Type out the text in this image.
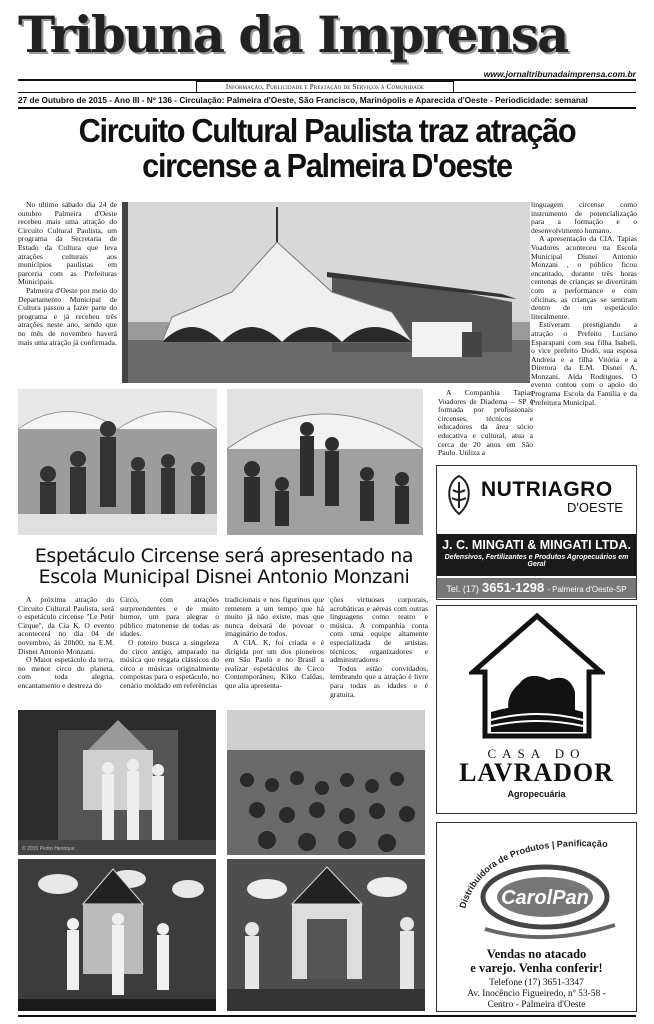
Tribuna da Imprensa
www.jornaltribunadaimprensa.com.br
Informação, Publicidade e Prestação de Serviços à Comunidade
27 de Outubro de 2015 - Ano III - Nº 136 - Circulação: Palmeira d'Oeste, São Francisco, Marinópolis e Aparecida d'Oeste - Periodicidade: semanal
Circuito Cultural Paulista traz atração
circense a Palmeira D'oeste

No ultimo sábado dia 24 de outubro Palmeira d'Oeste recebeu mais uma atração do Circuito Cultural Paulista, um programa da Secretaria de Estado da Cultura que leva atrações culturais aos municípios paulistas em parceria com as Prefeituras Municipais.

Palmeira d'Oeste por meio do Departamento Municipal de Cultura passou a fazer parte do programa e já recebeu três atrações neste ano, sendo que no mês de novembro haverá mais uma atração já confirmada.

linguagem circense como instrumento de potencialização para a formação e o desenvolvimento humano.

A apresentação da CIA. Tapias Voadores aconteceu na Escola Municipal Disnei Antonio Monzani , o público ficou encantado, durante três horas centenas de crianças se divertiram com a performance e com oficinas, as crianças se sentiram dentro de um espetáculo literalmente.

Estiveram prestigiando a atração o Prefeito Luciano Esparapani com sua filha Isabeli, o vice prefeito Dodó, sua esposa Andreia e a filha Vitória e a Diretora da E.M. Disnei A. Monzani, Alda Rodrigues. O evento contou com o apoio do Programa Escola da Família e da Prefeitura Municipal.

A Companhia Tapias Voadores de Diadema – SP é formada por profissionais circenses, técnicos e educadores da área sócio educativa e cultural, atua a cerca de 20 anos em São Paulo. Utiliza a

NUTRIAGRO
D'OESTE
J. C. MINGATI & MINGATI LTDA.
Defensivos, Fertilizantes e Produtos Agropecuários em Geral
Tel. (17) 3651-1298 - Palmeira d'Oeste-SP
Espetáculo Circense será apresentado na
Escola Municipal Disnei Antonio Monzani

A próxima atração do Circuito Cultural Paulista, será o espetáculo circense "Le Petit Cirque", da Cia K. O evento acontecerá no dia 04 de novembro, às 20h00, na E.M. Disnei Antonio Monzani.

O Maior espetáculo da terra, no menor circo do planeta, com toda alegria, encantamento e destreza do

Circo, com atrações surpreendentes e de muito humor, um para alegrar o público matonense de todas as idades.

O roteiro busca a singeleza do circo antigo, amparado na música que resgata clássicos do circo e músicas originalmente compostas para o espetáculo, no cenário moldado em referências

tradicionais e nos figurinos que remetem a um tempo que há muito já não existe, mas que nunca deixará de povoar o imaginário de todos.

A CIA. K, foi criada e é dirigida por um dos pioneiros em São Paulo e no Brasil a realizar espetáculos de Circo Contemporâneo, Kiko Caldas, que alia apresenta-

ções virtuoses corporais, acrobáticas e aéreas com outras linguagens como teatro e música. A companhia conta com uma equipe altamente especializada de artistas, técnicos, organizadores e administradores.

Todos estão convidados, lembrando que a atração é livre para todas as idades e é gratuita.

© 2015 Pedro Henrique
CASA DO
LAVRADOR
Agropecuária
Distribuidora de Produtos | Panificação
CarolPan
Vendas no atacado
e varejo. Venha conferir!
Telefone (17) 3651-3347
Av. Inocêncio Figueiredo, nº 53-58 -
Centro - Palmeira d'Oeste
